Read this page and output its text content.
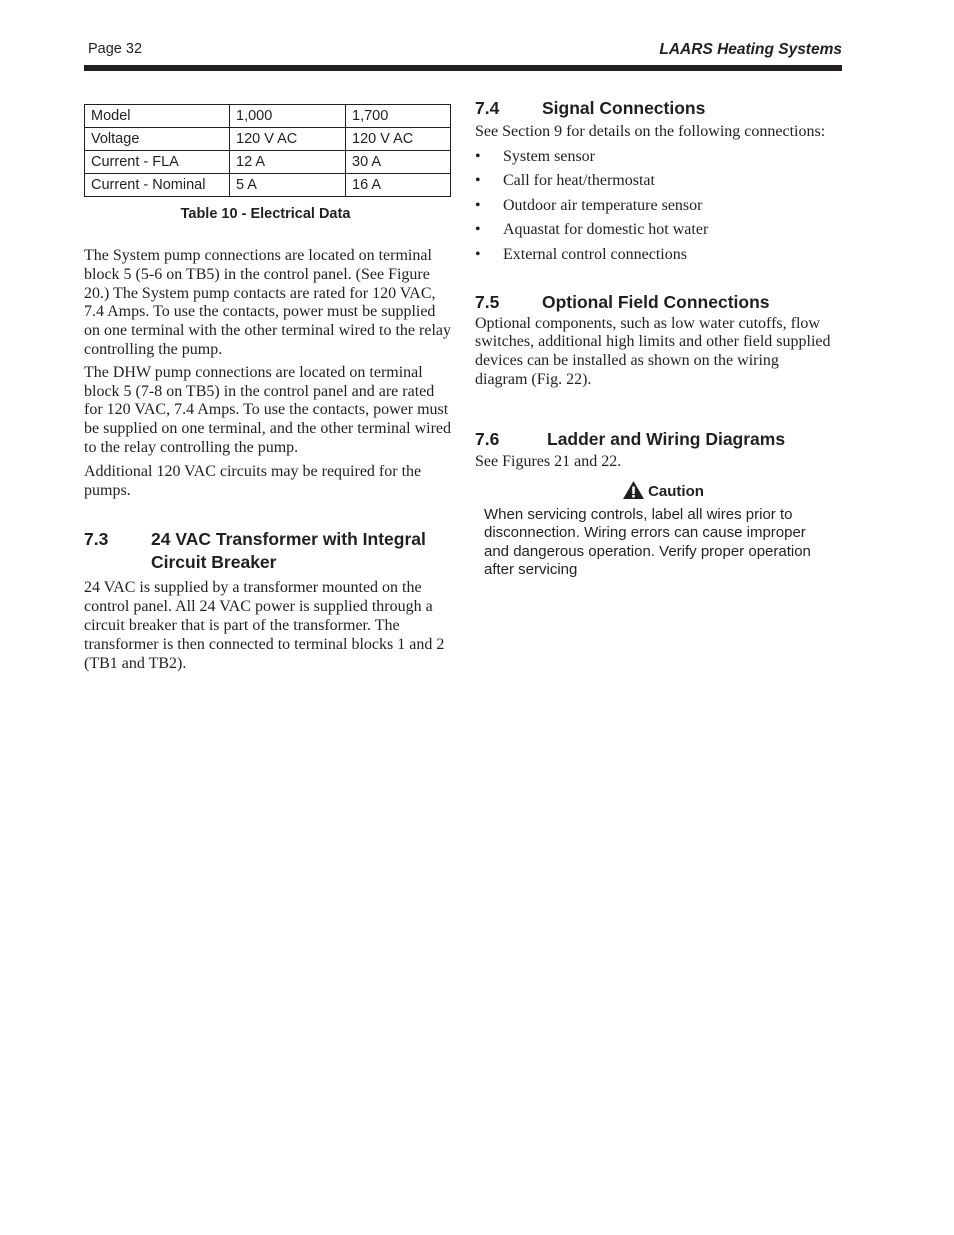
Page 32	LAARS Heating Systems
Model	1,000	1,700
Voltage	120 V AC	120 V AC
Current - FLA	12 A	30 A
Current - Nominal	5 A	16 A
Table 10 - Electrical Data

The System pump connections are located on terminal block 5 (5-6 on TB5) in the control panel. (See Figure 20.) The System pump contacts are rated for 120 VAC, 7.4 Amps. To use the contacts, power must be supplied on one terminal with the other terminal wired to the relay controlling the pump.

The DHW pump connections are located on terminal block 5 (7-8 on TB5) in the control panel and are rated for 120 VAC, 7.4 Amps. To use the contacts, power must be supplied on one terminal, and the other terminal wired to the relay controlling the pump.

Additional 120 VAC circuits may be required for the pumps.

7.3	24 VAC Transformer with Integral Circuit Breaker

24 VAC is supplied by a transformer mounted on the control panel. All 24 VAC power is supplied through a circuit breaker that is part of the transformer. The transformer is then connected to terminal blocks 1 and 2 (TB1 and TB2).

7.4	Signal Connections

See Section 9 for details on the following connections:

•	System sensor
•	Call for heat/thermostat
•	Outdoor air temperature sensor
•	Aquastat for domestic hot water
•	External control connections
7.5	Optional Field Connections

Optional components, such as low water cutoffs, flow switches, additional high limits and other field supplied devices can be installed as shown on the wiring diagram (Fig. 22).

7.6	Ladder and Wiring Diagrams

See Figures 21 and 22.

Caution
When servicing controls, label all wires prior to disconnection. Wiring errors can cause improper and dangerous operation. Verify proper operation after servicing
